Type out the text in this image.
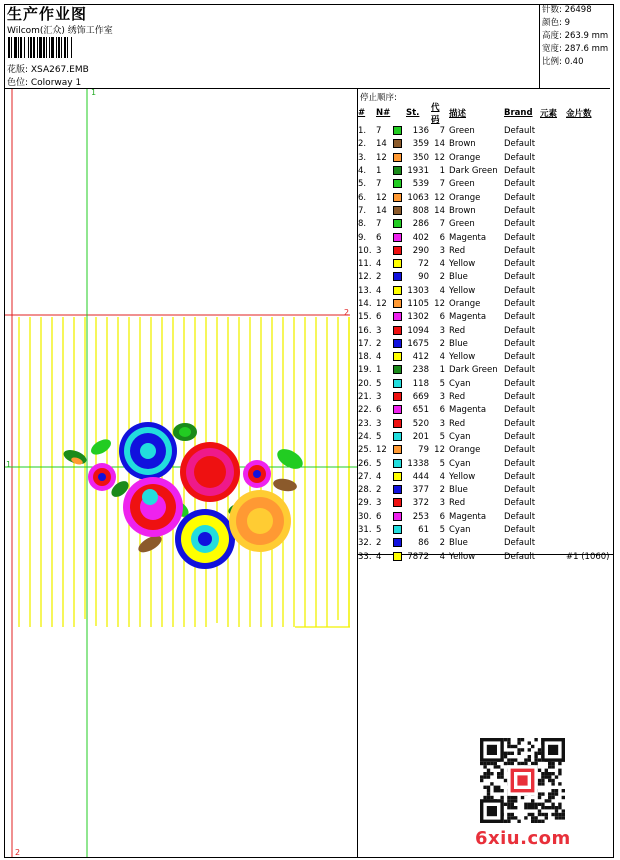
生产作业图
Wilcom(汇众) 绣饰工作室
花版: XSA267.EMB
色位: Colorway 1
针数: 26498
颜色: 9
高度: 263.9 mm
宽度: 287.6 mm
比例: 0.40
1
1
2
2
停止顺序:
#	N#		St.	代码	描述	Brand	元素	金片数
1.	7		136	7	Green	Default		
2.	14		359	14	Brown	Default		
3.	12		350	12	Orange	Default		
4.	1		1931	1	Dark Green	Default		
5.	7		539	7	Green	Default		
6.	12		1063	12	Orange	Default		
7.	14		808	14	Brown	Default		
8.	7		286	7	Green	Default		
9.	6		402	6	Magenta	Default		
10.	3		290	3	Red	Default		
11.	4		72	4	Yellow	Default		
12.	2		90	2	Blue	Default		
13.	4		1303	4	Yellow	Default		
14.	12		1105	12	Orange	Default		
15.	6		1302	6	Magenta	Default		
16.	3		1094	3	Red	Default		
17.	2		1675	2	Blue	Default		
18.	4		412	4	Yellow	Default		
19.	1		238	1	Dark Green	Default		
20.	5		118	5	Cyan	Default		
21.	3		669	3	Red	Default		
22.	6		651	6	Magenta	Default		
23.	3		520	3	Red	Default		
24.	5		201	5	Cyan	Default		
25.	12		79	12	Orange	Default		
26.	5		1338	5	Cyan	Default		
27.	4		444	4	Yellow	Default		
28.	2		377	2	Blue	Default		
29.	3		372	3	Red	Default		
30.	6		253	6	Magenta	Default		
31.	5		61	5	Cyan	Default		
32.	2		86	2	Blue	Default		
33.	4		7872	4	Yellow	Default		#1 (1060)
6xiu.com
